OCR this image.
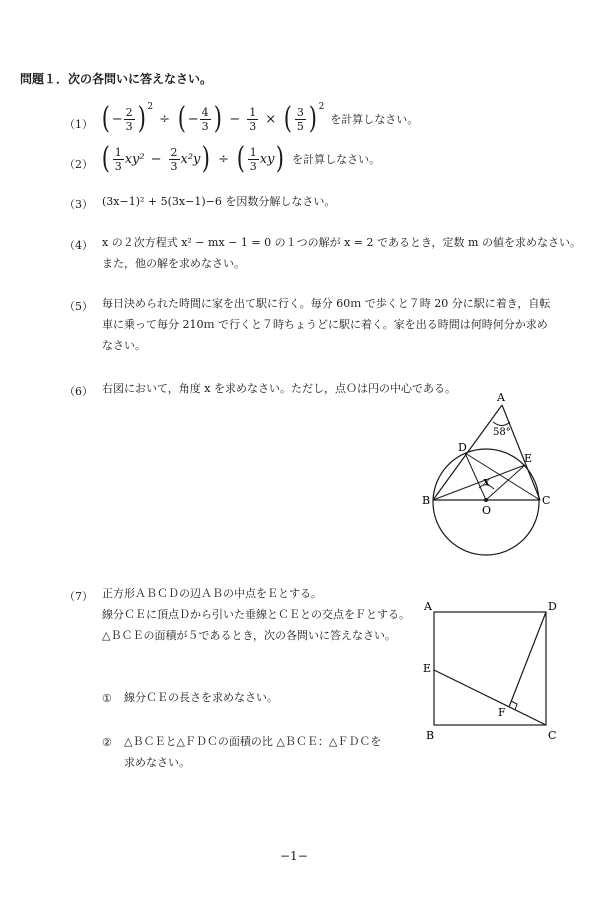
問題１．次の各問いに答えなさい。
（1） ( − $\frac{2}{3}$ ) 2
÷ ( − $\frac{4}{3}$ ) − $\frac{1}{3}$ × ( $\frac{3}{5}$ ) 2
を計算しなさい。
（2） ( $\frac{1}{3} xy^2 - \frac{2}{3} x^2y$ ) ÷ ( $\frac{1}{3}$ xy ) を計算しなさい。
（3） (3x−1)² + 5(3x−1)−6 を因数分解しなさい。
（4） x の２次方程式 x² − mx − 1 = 0 の１つの解が x = 2 であるとき，定数 m の値を求めなさい。
また，他の解を求めなさい。
（5） 毎日決められた時間に家を出て駅に行く。毎分 60ｍ で歩くと７時 20 分に駅に着き，自転
車に乗って毎分 210ｍ で行くと７時ちょうどに駅に着く。家を出る時間は何時何分か求め
なさい。
（6） 右図において，角度 x を求めなさい。ただし，点Ｏは円の中心である。
A
58°
D
E
x
B	C
O
（7） 正方形ＡＢＣＤの辺ＡＢの中点をＥとする。
線分ＣＥに頂点Ｄから引いた垂線とＣＥとの交点をＦとする。
△ＢＣＥの面積が５であるとき，次の各問いに答えなさい。
① 線分ＣＥの長さを求めなさい。
② △ＢＣＥと△ＦＤＣの面積の比 △ＢＣＥ：△ＦＤＣを
求めなさい。
A	D
E
F
B	C
−1−
